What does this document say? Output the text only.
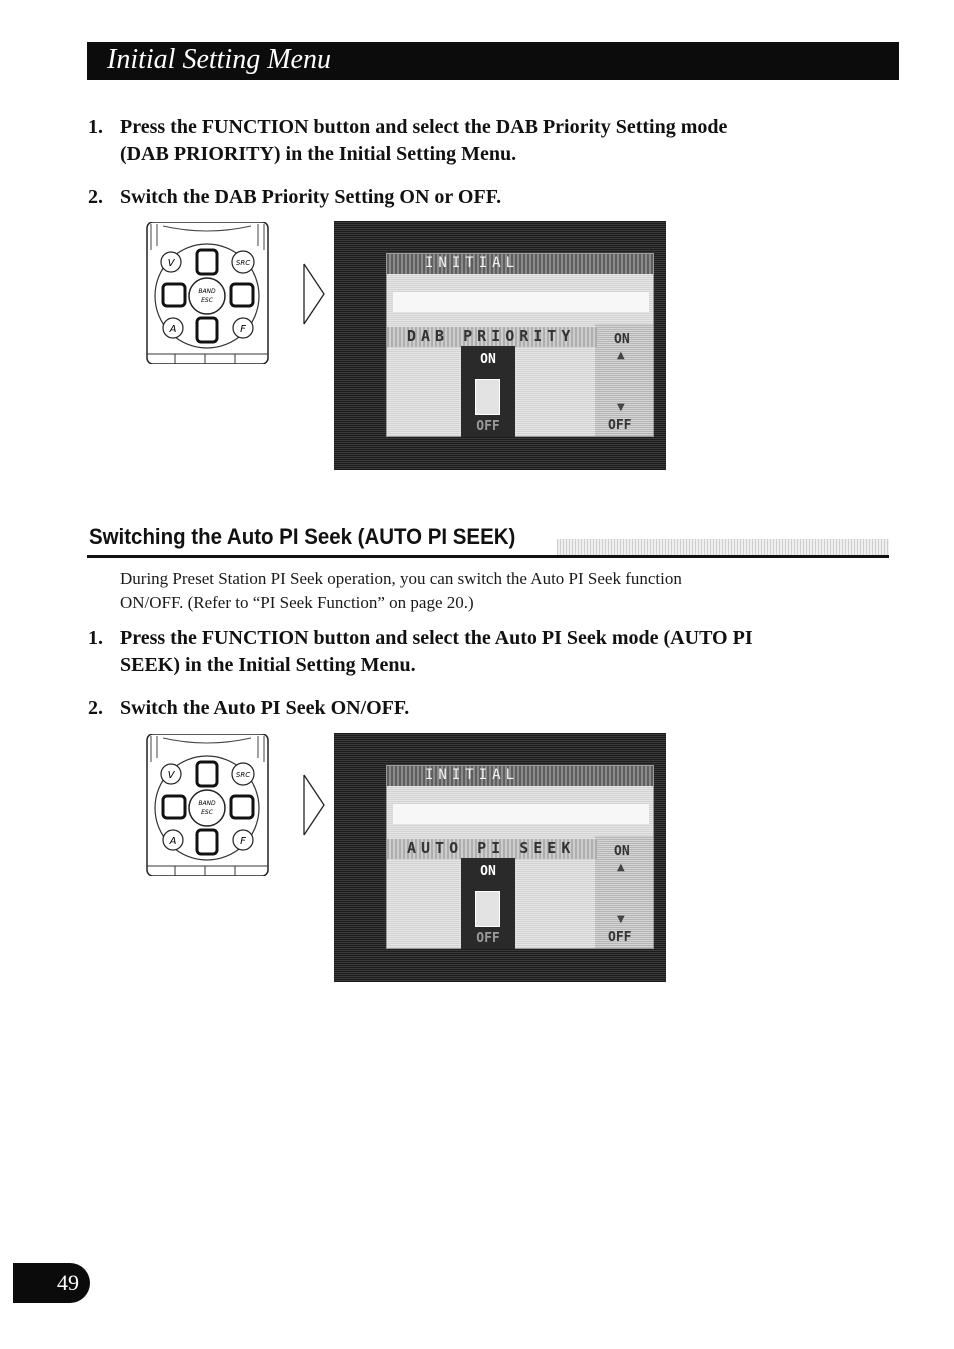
Initial Setting Menu
1. Press the FUNCTION button and select the DAB Priority Setting mode
(DAB PRIORITY) in the Initial Setting Menu.
2. Switch the DAB Priority Setting ON or OFF.
BAND
ESC
V	SRC
A	F
INITIAL
ON
▲
▼
OFF
DAB PRIORITY
ON
OFF
Switching the Auto PI Seek (AUTO PI SEEK)
During Preset Station PI Seek operation, you can switch the Auto PI Seek function
ON/OFF. (Refer to “PI Seek Function” on page 20.)
1. Press the FUNCTION button and select the Auto PI Seek mode (AUTO PI
SEEK) in the Initial Setting Menu.
2. Switch the Auto PI Seek ON/OFF.
BAND
ESC
V	SRC
A	F
INITIAL
ON
▲
▼
OFF
AUTO PI SEEK
ON
OFF
49
